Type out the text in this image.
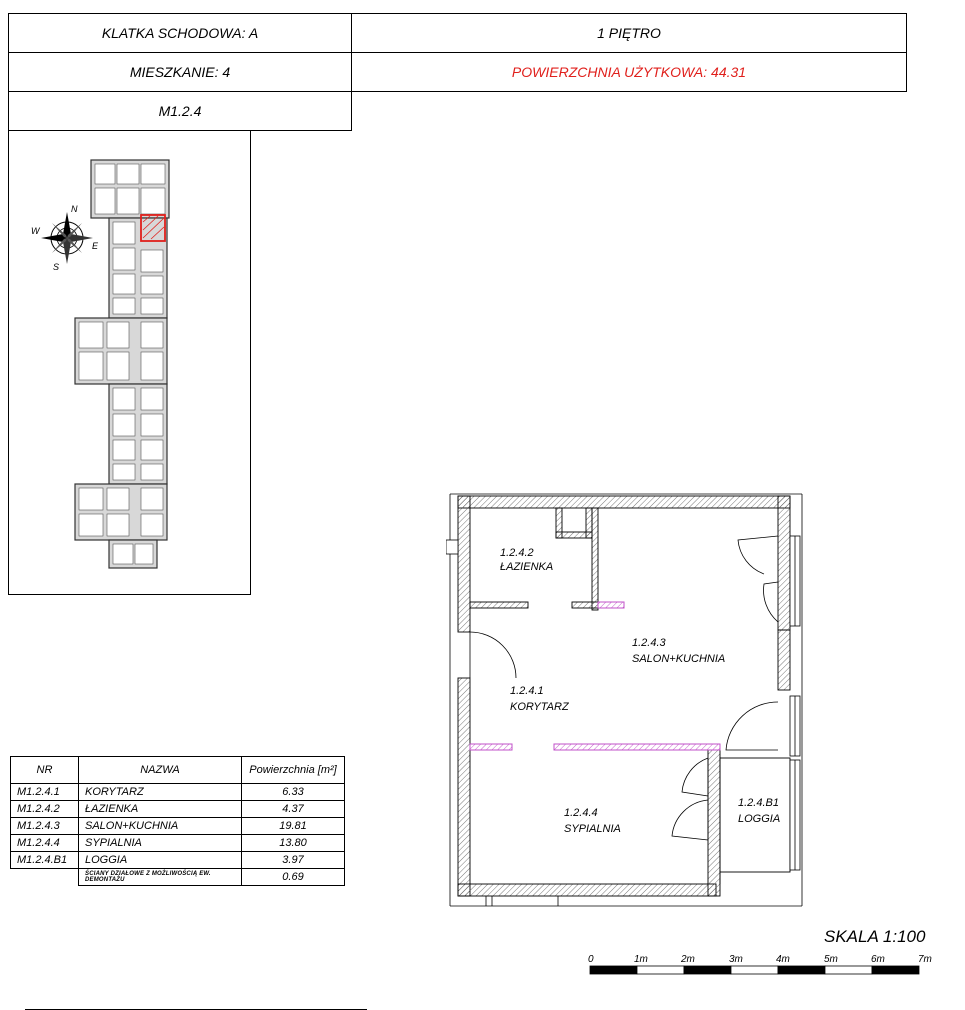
KLATKA SCHODOWA: A	1 PIĘTRO
MIESZKANIE: 4	POWIERZCHNIA UŻYTKOWA: 44.31
M1.2.4
N
W
E
S
NR	NAZWA	Powierzchnia [m²]
M1.2.4.1	KORYTARZ	6.33
M1.2.4.2	ŁAZIENKA	4.37
M1.2.4.3	SALON+KUCHNIA	19.81
M1.2.4.4	SYPIALNIA	13.80
M1.2.4.B1	LOGGIA	3.97
	ŚCIANY DZIAŁOWE Z MOŻLIWOŚCIĄ EW. DEMONTAŻU	0.69
1.2.4.2
ŁAZIENKA
1.2.4.3
SALON+KUCHNIA
1.2.4.1
KORYTARZ
1.2.4.4
SYPIALNIA
1.2.4.B1
LOGGIA
SKALA 1:100
0	1m	2m	3m	4m	5m	6m	7m
